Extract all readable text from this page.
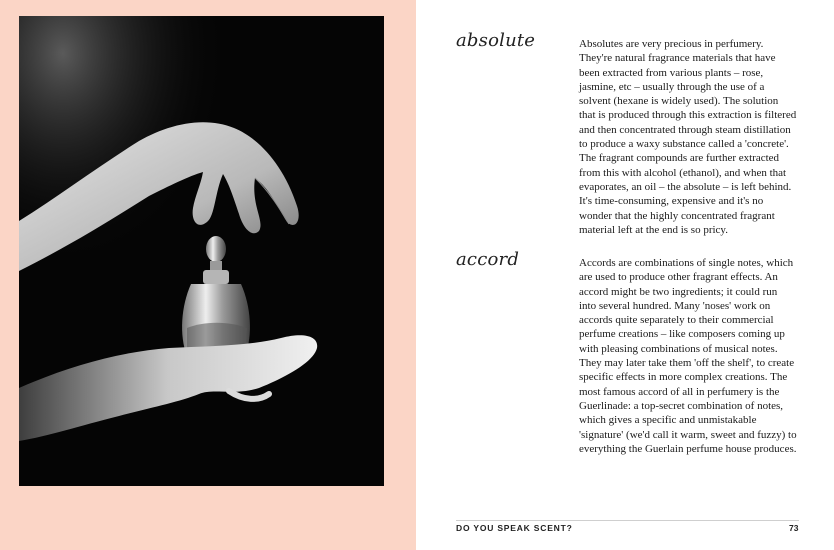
absolute	Absolutes are very precious in perfumery. They're natural fragrance materials that have been extracted from various plants – rose, jasmine, etc – usually through the use of a solvent (hexane is widely used). The solution that is produced through this extraction is filtered and then concentrated through steam distillation to produce a waxy substance called a 'concrete'. The fragrant compounds are further extracted from this with alcohol (ethanol), and when that evaporates, an oil – the absolute – is left behind. It's time-consuming, expensive and it's no wonder that the highly concentrated fragrant material left at the end is so pricy.

accord	Accords are combinations of single notes, which are used to produce other fragrant effects. An accord might be two ingredients; it could run into several hundred. Many 'noses' work on accords quite separately to their commercial perfume creations – like composers coming up with pleasing combinations of musical notes. They may later take them 'off the shelf', to create specific effects in more complex creations. The most famous accord of all in perfumery is the Guerlinade: a top-secret combination of notes, which gives a specific and unmistakable 'signature' (we'd call it warm, sweet and fuzzy) to everything the Guerlain perfume house produces.

DO YOU SPEAK SCENT?	73
